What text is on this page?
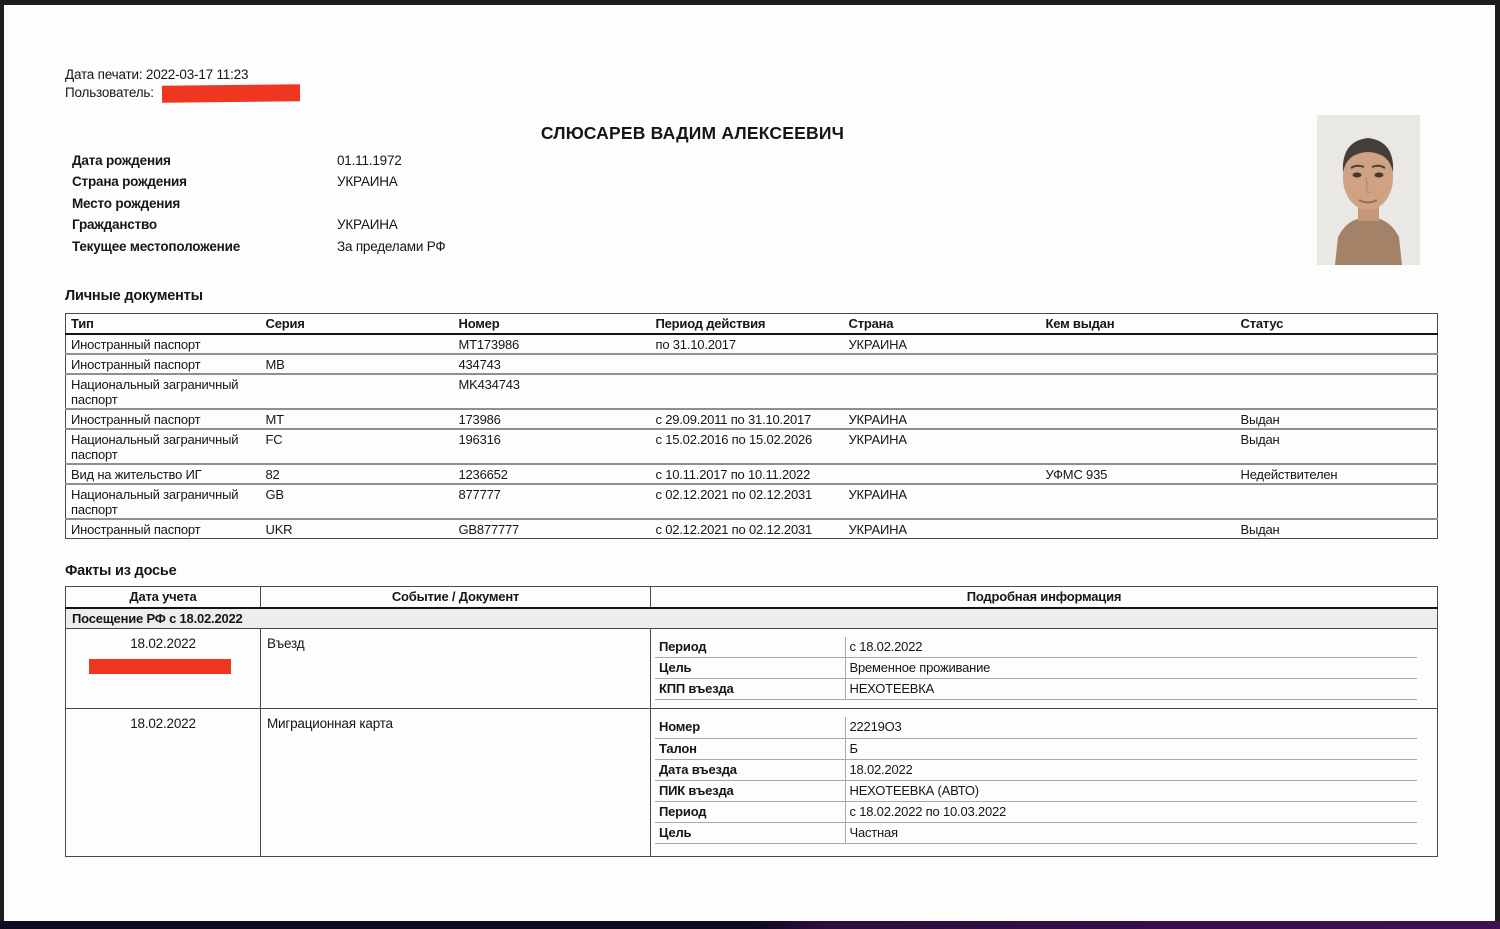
Дата печати: 2022-03-17 11:23
Пользователь:
СЛЮСАРЕВ ВАДИМ АЛЕКСЕЕВИЧ
Дата рождения	01.11.1972
Страна рождения	УКРАИНА
Место рождения
Гражданство	УКРАИНА
Текущее местоположение	За пределами РФ
Личные документы
Тип	Серия	Номер	Период действия	Страна	Кем выдан	Статус
Иностранный паспорт		MT173986	по 31.10.2017	УКРАИНА		
Иностранный паспорт	MB	434743				
Национальный заграничный паспорт		MK434743				
Иностранный паспорт	MT	173986	с 29.09.2011 по 31.10.2017	УКРАИНА		Выдан
Национальный заграничный паспорт	FC	196316	с 15.02.2016 по 15.02.2026	УКРАИНА		Выдан
Вид на жительство ИГ	82	1236652	с 10.11.2017 по 10.11.2022		УФМС 935	Недействителен
Национальный заграничный паспорт	GB	877777	с 02.12.2021 по 02.12.2031	УКРАИНА		
Иностранный паспорт	UKR	GB877777	с 02.12.2021 по 02.12.2031	УКРАИНА		Выдан
Факты из досье
Дата учета	Событие / Документ	Подробная информация
Посещение РФ с 18.02.2022

18.02.2022	Въезд		Период	с 18.02.2022
Цель	Временное проживание
КПП въезда	НЕХОТЕЕВКА

18.02.2022	Миграционная карта		Номер	22219O3
Талон	Б
Дата въезда	18.02.2022
ПИК въезда	НЕХОТЕЕВКА (АВТО)
Период	с 18.02.2022 по 10.03.2022
Цель	Частная
